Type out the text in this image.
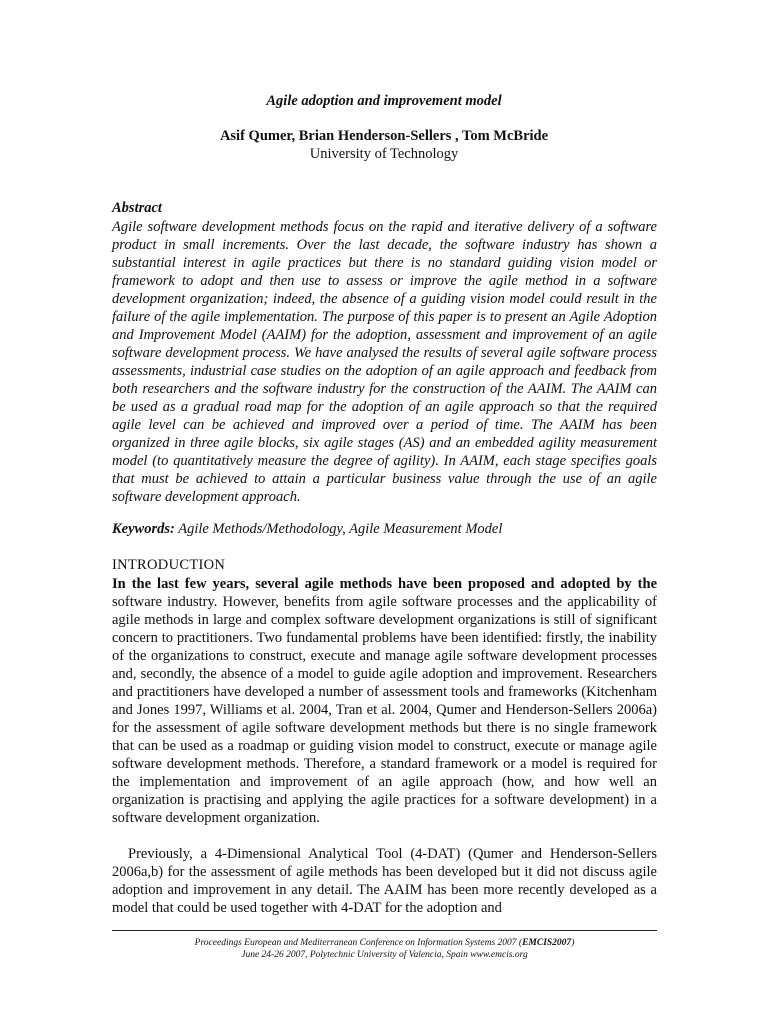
Agile adoption and improvement model
Asif Qumer, Brian Henderson-Sellers , Tom McBride
University of Technology
Abstract

Agile software development methods focus on the rapid and iterative delivery of a software product in small increments. Over the last decade, the software industry has shown a substantial interest in agile practices but there is no standard guiding vision model or framework to adopt and then use to assess or improve the agile method in a software development organization; indeed, the absence of a guiding vision model could result in the failure of the agile implementation. The purpose of this paper is to present an Agile Adoption and Improvement Model (AAIM) for the adoption, assessment and improvement of an agile software development process. We have analysed the results of several agile software process assessments, industrial case studies on the adoption of an agile approach and feedback from both researchers and the software industry for the construction of the AAIM. The AAIM can be used as a gradual road map for the adoption of an agile approach so that the required agile level can be achieved and improved over a period of time. The AAIM has been organized in three agile blocks, six agile stages (AS) and an embedded agility measurement model (to quantitatively measure the degree of agility). In AAIM, each stage specifies goals that must be achieved to attain a particular business value through the use of an agile software development approach.

Keywords: Agile Methods/Methodology, Agile Measurement Model

INTRODUCTION

In the last few years, several agile methods have been proposed and adopted by the software industry. However, benefits from agile software processes and the applicability of agile methods in large and complex software development organizations is still of significant concern to practitioners. Two fundamental problems have been identified: firstly, the inability of the organizations to construct, execute and manage agile software development processes and, secondly, the absence of a model to guide agile adoption and improvement. Researchers and practitioners have developed a number of assessment tools and frameworks (Kitchenham and Jones 1997, Williams et al. 2004, Tran et al. 2004, Qumer and Henderson-Sellers 2006a) for the assessment of agile software development methods but there is no single framework that can be used as a roadmap or guiding vision model to construct, execute or manage agile software development methods. Therefore, a standard framework or a model is required for the implementation and improvement of an agile approach (how, and how well an organization is practising and applying the agile practices for a software development) in a software development organization.

Previously, a 4-Dimensional Analytical Tool (4-DAT) (Qumer and Henderson-Sellers 2006a,b) for the assessment of agile methods has been developed but it did not discuss agile adoption and improvement in any detail. The AAIM has been more recently developed as a model that could be used together with 4-DAT for the adoption and

Proceedings European and Mediterranean Conference on Information Systems 2007 (EMCIS2007)
June 24-26 2007, Polytechnic University of Valencia, Spain www.emcis.org
